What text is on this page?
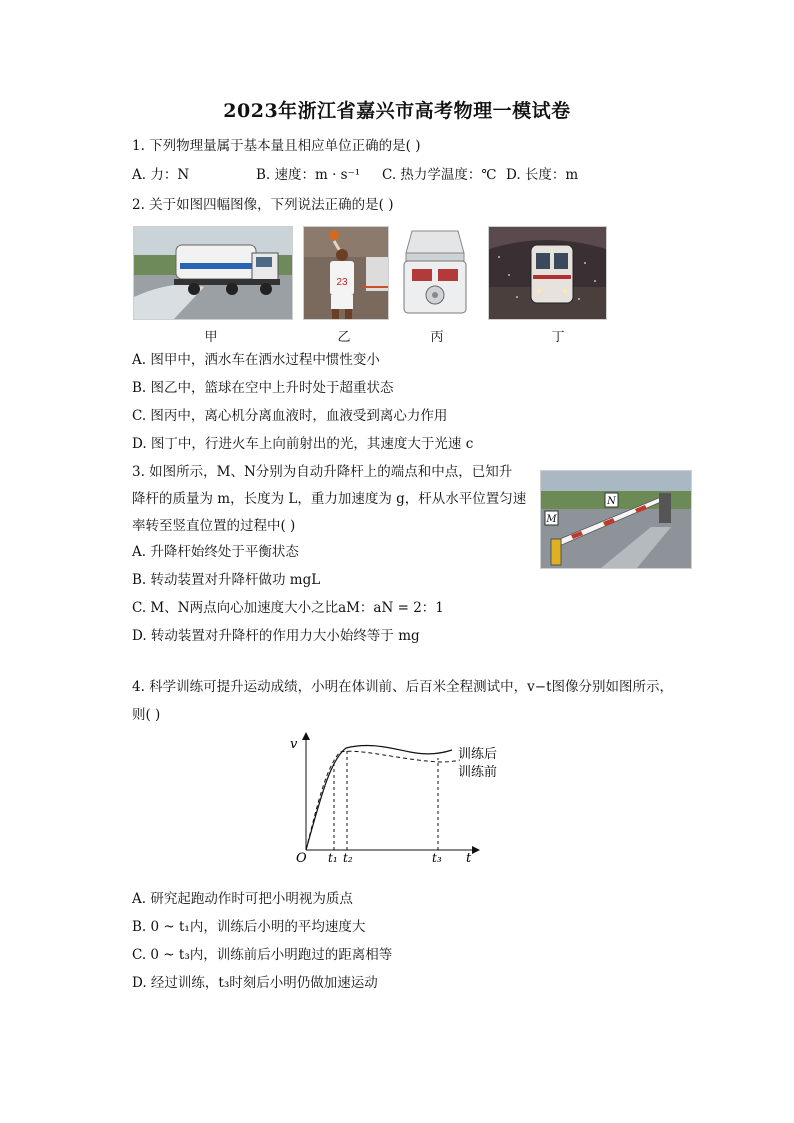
2023年浙江省嘉兴市高考物理一模试卷
1. 下列物理量属于基本量且相应单位正确的是( )
A. 力：N	B. 速度：m · s⁻¹ C. 热力学温度：℃ D. 长度：m
2. 关于如图四幅图像，下列说法正确的是( )
23
甲	乙	丙	丁
A. 图甲中，洒水车在洒水过程中惯性变小
B. 图乙中，篮球在空中上升时处于超重状态
C. 图丙中，离心机分离血液时，血液受到离心力作用
D. 图丁中，行进火车上向前射出的光，其速度大于光速 c
3. 如图所示，M、N分别为自动升降杆上的端点和中点，已知升
降杆的质量为 m，长度为 L，重力加速度为 g，杆从水平位置匀速
率转至竖直位置的过程中( )	M
N
A. 升降杆始终处于平衡状态
B. 转动装置对升降杆做功 mgL
C. M、N两点向心加速度大小之比aM：aN = 2：1
D. 转动装置对升降杆的作用力大小始终等于 mg
4. 科学训练可提升运动成绩，小明在体训前、后百米全程测试中，v−t图像分别如图所示，
则( )
v
t
O t₁ t₂	t₃
训练后
训练前
A. 研究起跑动作时可把小明视为质点
B. 0 ~ t₁内，训练后小明的平均速度大
C. 0 ~ t₃内，训练前后小明跑过的距离相等
D. 经过训练，t₃时刻后小明仍做加速运动
